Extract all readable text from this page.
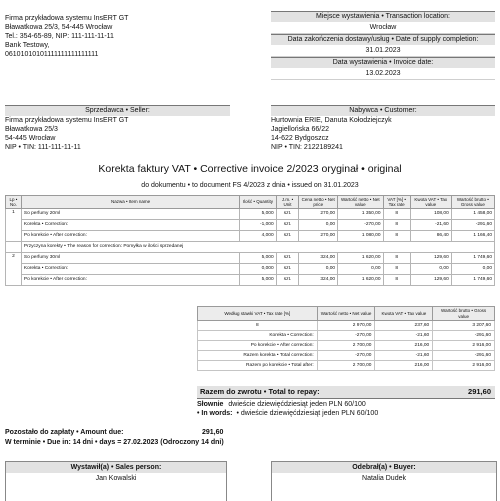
Firma przykładowa systemu InsERT GT
Bławatkowa 25/3, 54-445 Wrocław
Tel.: 354-65-89, NIP: 111-111-11-11
Bank Testowy,
06101010101111111111111111
Miejsce wystawienia • Transaction location:
Wrocław
Data zakończenia dostawy/usług • Date of supply completion:
31.01.2023
Data wystawienia • Invoice date:
13.02.2023
Sprzedawca • Seller:
Firma przykładowa systemu InsERT GT
Bławatkowa 25/3
54-445 Wrocław
NIP • TIN: 111-111-11-11
Nabywca • Customer:
Hurtownia ERIE, Danuta Kołodziejczyk
Jagiellońska 66/22
14-622 Bydgoszcz
NIP • TIN: 2122189241
Korekta faktury VAT • Corrective invoice 2/2023 oryginał • original
do dokumentu • to document FS 4/2023 z dnia • issued on 31.01.2023
Lp • No.	Nazwa • Item name	Ilość • Quantity	J.m. • Unit	Cena netto • Net price	Wartość netto • Net value	VAT [%] • Tax rate	Kwota VAT • Tax value	Wartość brutto • Gross value
1	So perfumy 20ml	5,000	szt.	270,00	1 350,00	8	108,00	1 458,00
	Korekta • Correction:	-1,000	szt.	0,00	-270,00	8	-21,60	-291,60
	Po korekcie • After correction:	4,000	szt.	270,00	1 080,00	8	86,40	1 166,40
	Przyczyna korekty • The reason for correction: Pomyłka w ilości sprzedanej							
2	So perfumy 30ml	5,000	szt.	324,00	1 620,00	8	129,60	1 749,60
	Korekta • Correction:	0,000	szt.	0,00	0,00	8	0,00	0,00
	Po korekcie • After correction:	5,000	szt.	324,00	1 620,00	8	129,60	1 749,60
Według stawki VAT • Tax rate [%]	Wartość netto • Net value	Kwota VAT • Tax value	Wartość brutto • Gross value
8	2 970,00	237,60	3 207,60
Korekta • Correction:	-270,00	-21,60	-291,60
Po korekcie • After correction:	2 700,00	216,00	2 916,00
Razem korekta • Total correction:	-270,00	-21,60	-291,60
Razem po korekcie • Total after:	2 700,00	216,00	2 916,00
Razem do zwrotu • Total to repay:	291,60
Słownie dwieście dziewięćdziesiąt jeden PLN 60/100
• In words: • dwieście dziewięćdziesiąt jeden PLN 60/100
Pozostało do zapłaty • Amount due:	291,60
W terminie • Due in: 14 dni • days = 27.02.2023 (Odroczony 14 dni)
Wystawił(a) • Sales person:
Jan Kowalski
Odebrał(a) • Buyer:
Natalia Dudek
